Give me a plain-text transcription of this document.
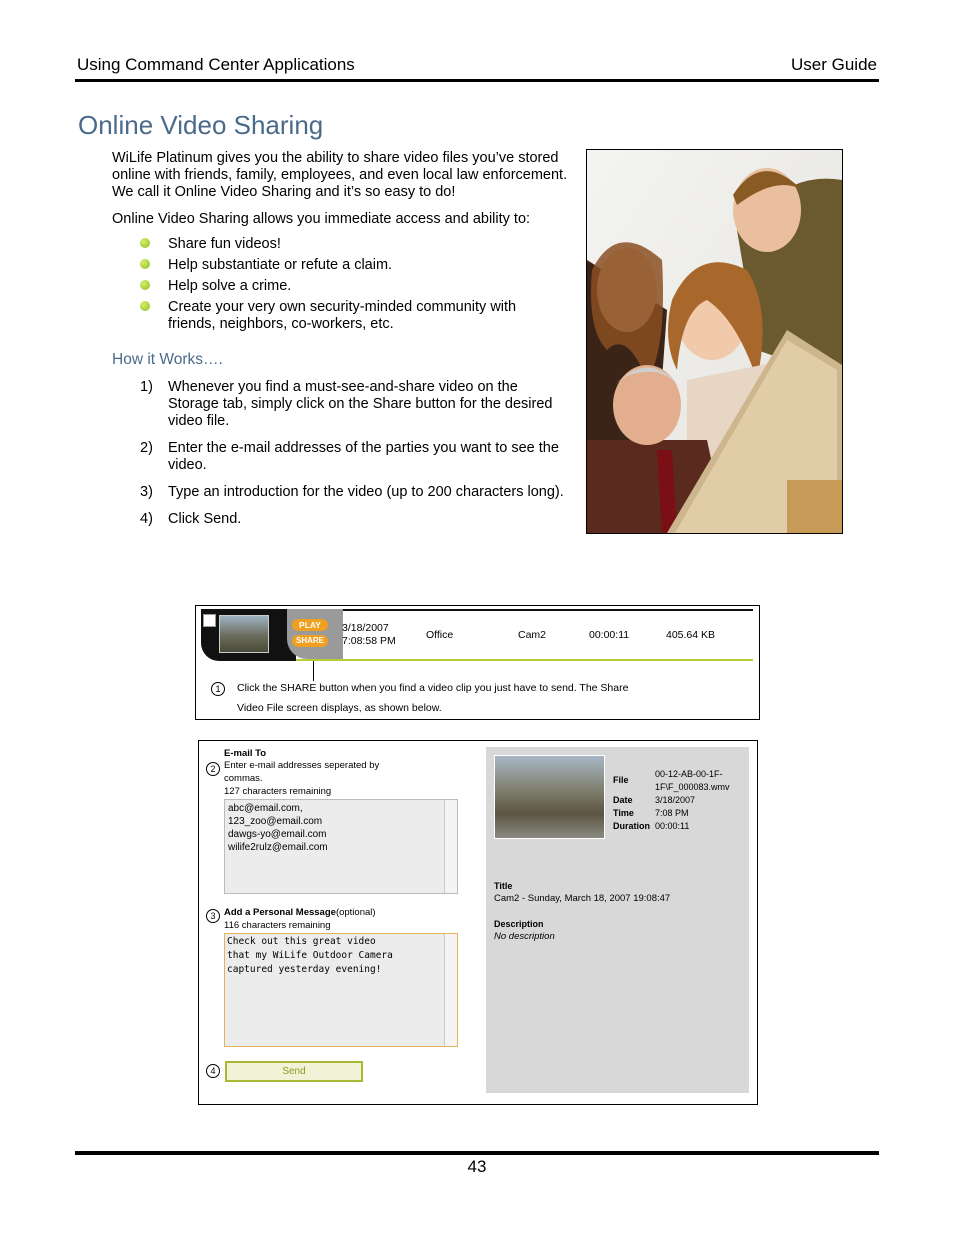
Using Command Center Applications	User Guide
Online Video Sharing
WiLife Platinum gives you the ability to share video files you’ve stored online with friends, family, employees, and even local law enforcement. We call it Online Video Sharing and it’s so easy to do!
Online Video Sharing allows you immediate access and ability to:
Share fun videos!
Help substantiate or refute a claim.
Help solve a crime.
Create your very own security-minded community with friends, neighbors, co-workers, etc.
How it Works….
1) Whenever you find a must-see-and-share video on the Storage tab, simply click on the Share button for the desired video file.
2) Enter the e-mail addresses of the parties you want to see the video.
3) Type an introduction for the video (up to 200 characters long).
4) Click Send.
PLAY
SHARE
3/18/2007
7:08:58 PM	Office	Cam2	00:00:11	405.64 KB
1	Click the SHARE button when you find a video clip you just have to send. The Share
Video File screen displays, as shown below.
E-mail To
2 Enter e-mail addresses seperated by
commas.
127 characters remaining
abc@email.com,
123_zoo@email.com
dawgs-yo@email.com
wilife2rulz@email.com
3 Add a Personal Message(optional)
116 characters remaining
Check out this great video
that my WiLife Outdoor Camera
captured yesterday evening!
4	Send
File
00-12-AB-00-1F-
1F\F_000083.wmv
Date 3/18/2007
Time 7:08 PM
Duration 00:00:11
Title
Cam2 - Sunday, March 18, 2007 19:08:47
Description
No description
43
